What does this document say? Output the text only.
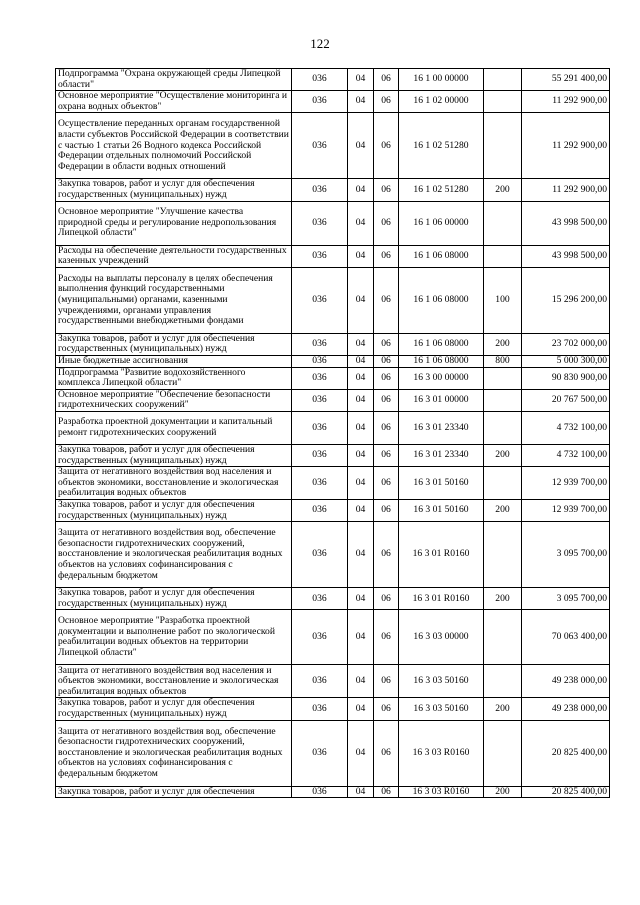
122
Подпрограмма "Охрана окружающей среды Липецкой области"	036	04	06	16 1 00 00000		55 291 400,00
Основное мероприятие "Осуществление мониторинга и охрана водных объектов"	036	04	06	16 1 02 00000		11 292 900,00
Осуществление переданных органам государственной власти субъектов Российской Федерации в соответствии с частью 1 статьи 26 Водного кодекса Российской Федерации отдельных полномочий Российской Федерации в области водных отношений	036	04	06	16 1 02 51280		11 292 900,00
Закупка товаров, работ и услуг для обеспечения государственных (муниципальных) нужд	036	04	06	16 1 02 51280	200	11 292 900,00
Основное мероприятие "Улучшение качества природной среды и регулирование недропользования Липецкой области"	036	04	06	16 1 06 00000		43 998 500,00
Расходы на обеспечение деятельности государственных казенных учреждений	036	04	06	16 1 06 08000		43 998 500,00
Расходы на выплаты персоналу в целях обеспечения выполнения функций государственными (муниципальными) органами, казенными учреждениями, органами управления государственными внебюджетными фондами	036	04	06	16 1 06 08000	100	15 296 200,00
Закупка товаров, работ и услуг для обеспечения государственных (муниципальных) нужд	036	04	06	16 1 06 08000	200	23 702 000,00
Иные бюджетные ассигнования	036	04	06	16 1 06 08000	800	5 000 300,00
Подпрограмма "Развитие водохозяйственного комплекса Липецкой области"	036	04	06	16 3 00 00000		90 830 900,00
Основное мероприятие "Обеспечение безопасности гидротехнических сооружений"	036	04	06	16 3 01 00000		20 767 500,00
Разработка проектной документации и капитальный ремонт гидротехнических сооружений	036	04	06	16 3 01 23340		4 732 100,00
Закупка товаров, работ и услуг для обеспечения государственных (муниципальных) нужд	036	04	06	16 3 01 23340	200	4 732 100,00
Защита от негативного воздействия вод населения и объектов экономики, восстановление и экологическая реабилитация водных объектов	036	04	06	16 3 01 50160		12 939 700,00
Закупка товаров, работ и услуг для обеспечения государственных (муниципальных) нужд	036	04	06	16 3 01 50160	200	12 939 700,00
Защита от негативного воздействия вод, обеспечение безопасности гидротехнических сооружений, восстановление и экологическая реабилитация водных объектов на условиях софинансирования с федеральным бюджетом	036	04	06	16 3 01 R0160		3 095 700,00
Закупка товаров, работ и услуг для обеспечения государственных (муниципальных) нужд	036	04	06	16 3 01 R0160	200	3 095 700,00
Основное мероприятие "Разработка проектной документации и выполнение работ по экологической реабилитации водных объектов на территории Липецкой области"	036	04	06	16 3 03 00000		70 063 400,00
Защита от негативного воздействия вод населения и объектов экономики, восстановление и экологическая реабилитация водных объектов	036	04	06	16 3 03 50160		49 238 000,00
Закупка товаров, работ и услуг для обеспечения государственных (муниципальных) нужд	036	04	06	16 3 03 50160	200	49 238 000,00
Защита от негативного воздействия вод, обеспечение безопасности гидротехнических сооружений, восстановление и экологическая реабилитация водных объектов на условиях софинансирования с федеральным бюджетом	036	04	06	16 3 03 R0160		20 825 400,00
Закупка товаров, работ и услуг для обеспечения	036	04	06	16 3 03 R0160	200	20 825 400,00
